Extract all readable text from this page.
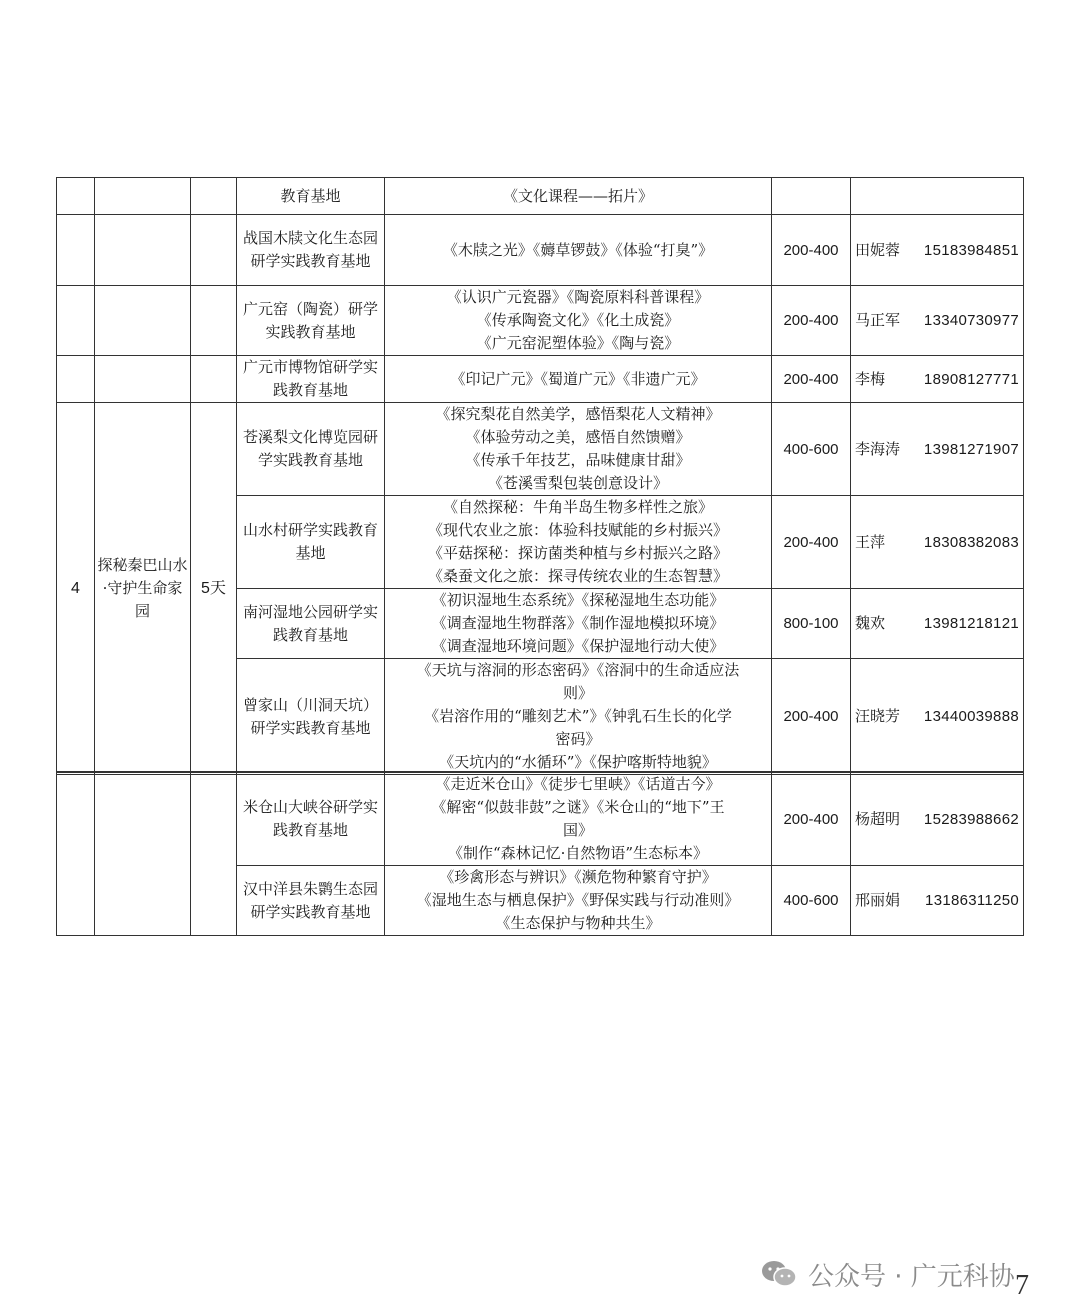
			教育基地	《文化课程——拓片》		

			战国木牍文化生态园研学实践教育基地	《木牍之光》《薅草锣鼓》《体验“打臭”》	200-400	田妮蓉 15183984851

			广元窑（陶瓷）研学实践教育基地	《认识广元瓷器》《陶瓷原料科普课程》
《传承陶瓷文化》《化土成瓷》
《广元窑泥塑体验》《陶与瓷》	200-400	马正军 13340730977

			广元市博物馆研学实践教育基地	《印记广元》《蜀道广元》《非遗广元》	200-400	李梅 18908127771

4	探秘秦巴山水·守护生命家园	5天	苍溪梨文化博览园研学实践教育基地	《探究梨花自然美学，感悟梨花人文精神》
《体验劳动之美，感悟自然馈赠》
《传承千年技艺，品味健康甘甜》
《苍溪雪梨包装创意设计》	400-600	李海涛 13981271907

			山水村研学实践教育基地	《自然探秘：牛角半岛生物多样性之旅》
《现代农业之旅：体验科技赋能的乡村振兴》
《平菇探秘：探访菌类种植与乡村振兴之路》
《桑蚕文化之旅：探寻传统农业的生态智慧》	200-400	王萍 18308382083

			南河湿地公园研学实践教育基地	《初识湿地生态系统》《探秘湿地生态功能》
《调查湿地生物群落》《制作湿地模拟环境》
《调查湿地环境问题》《保护湿地行动大使》	800-100	魏欢 13981218121

			曾家山（川洞天坑）研学实践教育基地	《天坑与溶洞的形态密码》《溶洞中的生命适应法
则》
《岩溶作用的“雕刻艺术”》《钟乳石生长的化学
密码》
《天坑内的“水循环”》《保护喀斯特地貌》	200-400	汪晓芳 13440039888
			米仓山大峡谷研学实践教育基地	《走近米仓山》《徒步七里峡》《话道古今》
《解密“似鼓非鼓”之谜》《米仓山的“地下”王
国》
《制作“森林记忆·自然物语”生态标本》	200-400	杨超明 15283988662

			汉中洋县朱鹮生态园研学实践教育基地	《珍禽形态与辨识》《濒危物种繁育守护》
《湿地生态与栖息保护》《野保实践与行动准则》
《生态保护与物种共生》	400-600	邢丽娟 13186311250
公众号 · 广元科协 7
